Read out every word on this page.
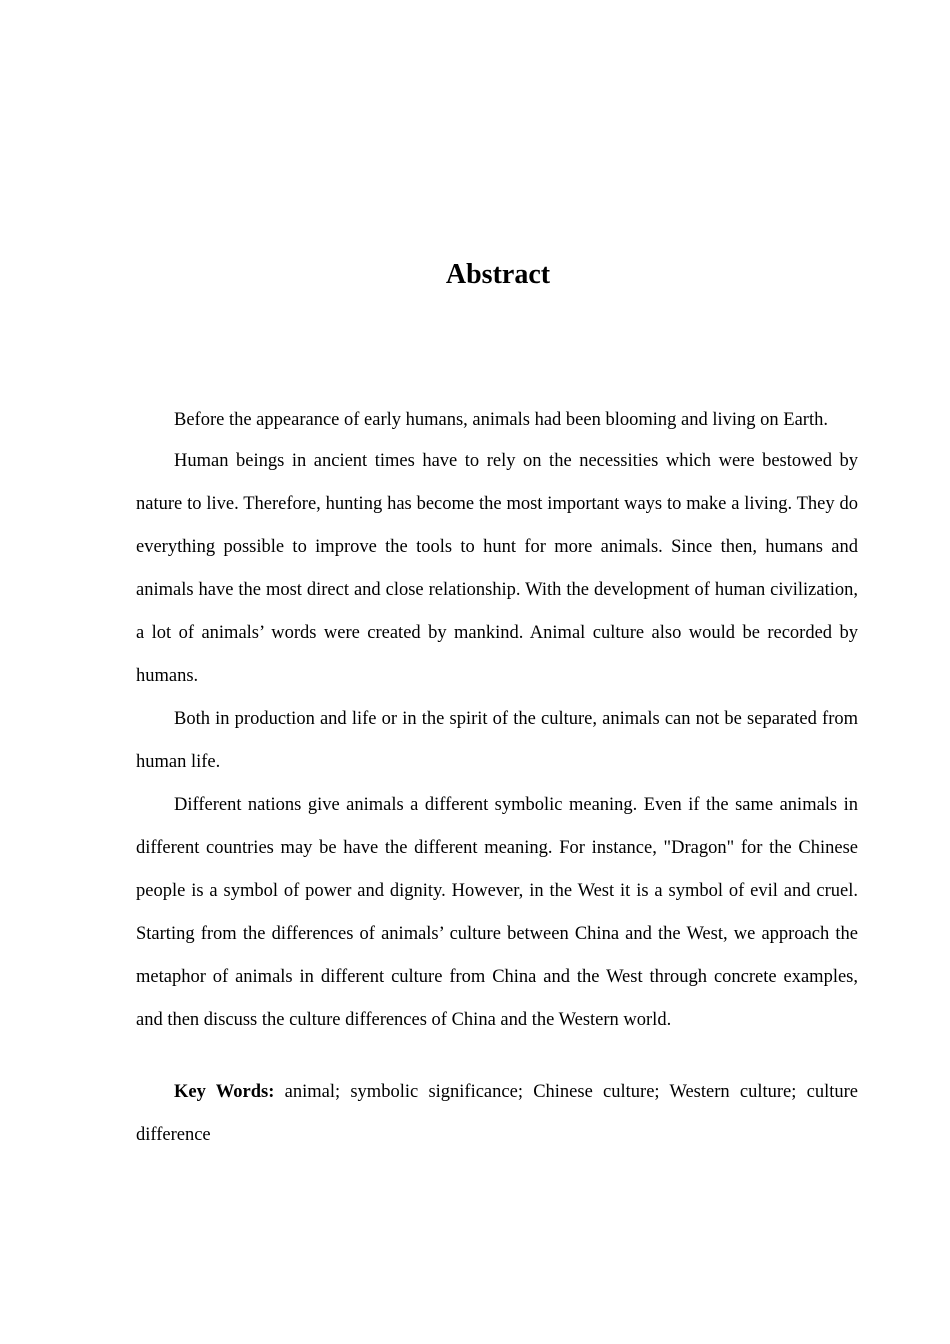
Abstract

Before the appearance of early humans, animals had been blooming and living on Earth.

Human beings in ancient times have to rely on the necessities which were bestowed by nature to live. Therefore, hunting has become the most important ways to make a living. They do everything possible to improve the tools to hunt for more animals. Since then, humans and animals have the most direct and close relationship. With the development of human civilization, a lot of animals’ words were created by mankind. Animal culture also would be recorded by humans.

Both in production and life or in the spirit of the culture, animals can not be separated from human life.

Different nations give animals a different symbolic meaning. Even if the same animals in different countries may be have the different meaning. For instance, "Dragon" for the Chinese people is a symbol of power and dignity. However, in the West it is a symbol of evil and cruel. Starting from the differences of animals’ culture between China and the West, we approach the metaphor of animals in different culture from China and the West through concrete examples, and then discuss the culture differences of China and the Western world.

Key Words: animal; symbolic significance; Chinese culture; Western culture; culture difference
